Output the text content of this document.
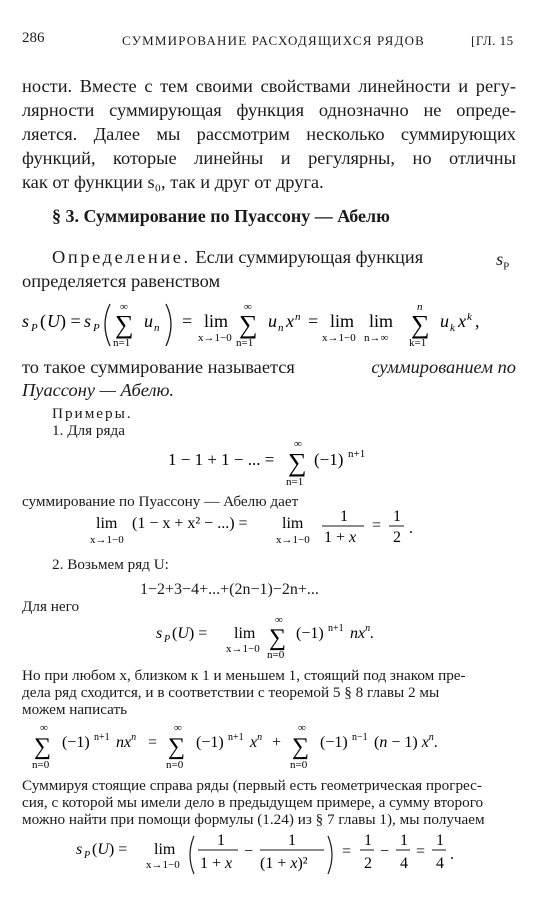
286	СУММИРОВАНИЕ РАСХОДЯЩИХСЯ РЯДОВ	[ГЛ. 15
ности. Вместе с тем своими свойствами линейности и регу-
лярности суммирующая функция однозначно не опреде-
ляется. Далее мы рассмотрим несколько суммирующих
функций, которые линейны и регулярны, но отличны
как от функции s₀, так и друг от друга.
§ 3. Суммирование по Пуассону — Абелю
Определение. Если суммирующая функция	$s_P$
определяется равенством
s P ( U ) = s P
∞
∑
n=1
u n = lim
x→1−0
∞
∑
n=1
u n x n = lim
x→1−0
lim
n→∞
n
∑
k=1
u k x k ,
то такое суммирование называется	суммированием по
Пуассону — Абелю.
Примеры.
1. Для ряда
1 − 1 + 1 − ... =
∞
∑
n=1
(−1) n+1
суммирование по Пуассону — Абелю дает
lim
x→1−0
(1 − x + x² − ...) = lim
x→1−0
1
1 + x
=
1
2
.
2. Возьмем ряд U:
1−2+3−4+...+(2n−1)−2n+...
Для него
s P (U) = lim
x→1−0
∞
∑
n=0
(−1) n+1 $nx^n$.
Но при любом x, близком к 1 и меньшем 1, стоящий под знаком пре-
дела ряд сходится, и в соответствии с теоремой 5 § 8 главы 2 мы
можем написать
∞
∑
n=0
(−1) n+1 $nx^n$ =
∞
∑
n=0
(−1) n+1 $x^n$ +
∞
∑
n=0
(−1) n−1 (n − 1) $x^n$.
Суммируя стоящие справа ряды (первый есть геометрическая прогрес-
сия, с которой мы имели дело в предыдущем примере, а сумму второго
можно найти при помощи формулы (1.24) из § 7 главы 1), мы получаем
s P (U) = lim
x→1−0
1
1 + x
−
1
(1 + x)²
=
1
2
−
1
4
=
1
4
.
